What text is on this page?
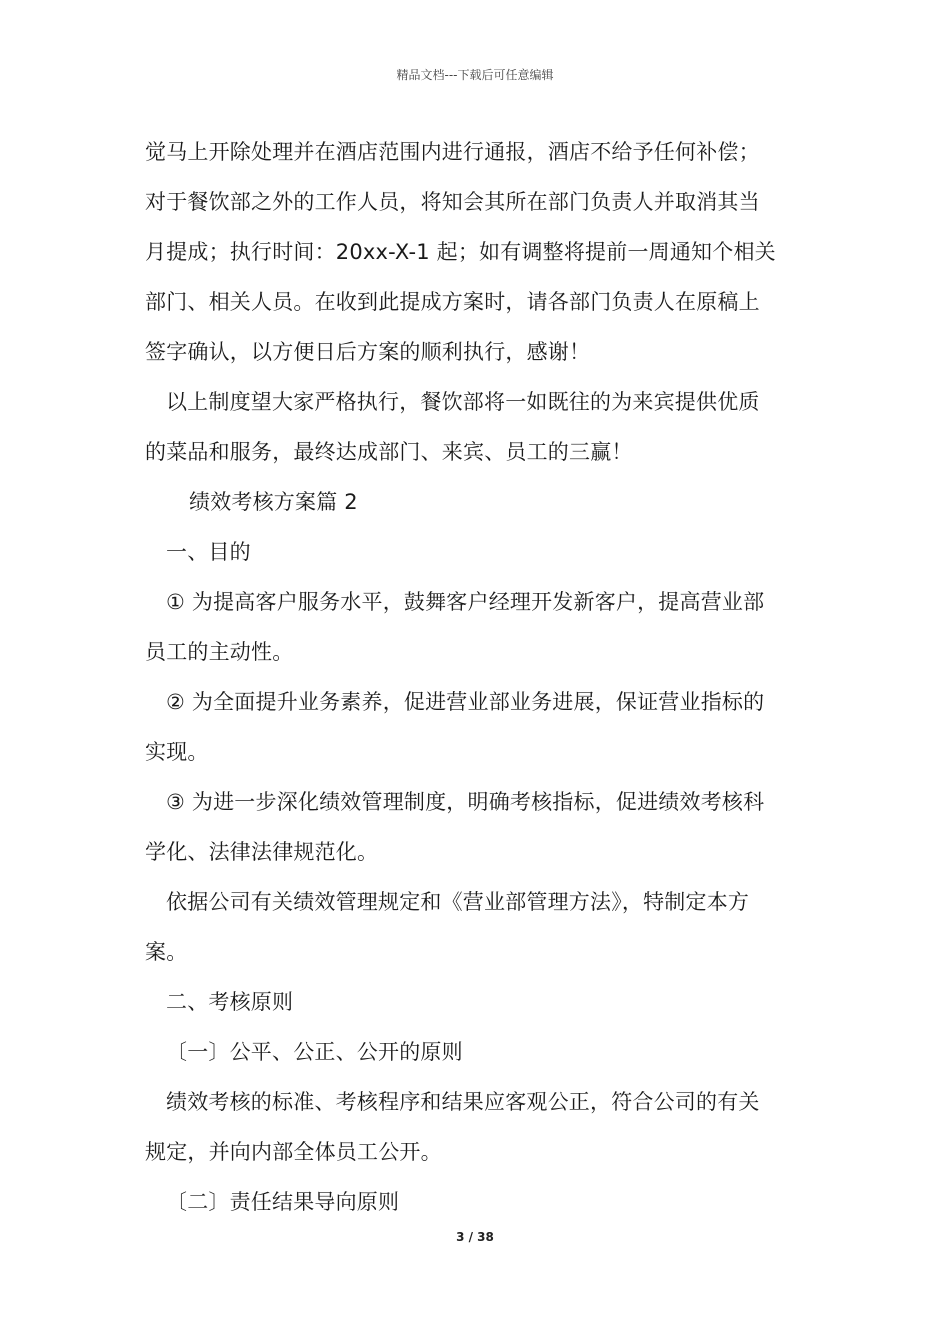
精品文档---下载后可任意编辑
觉马上开除处理并在酒店范围内进行通报，酒店不给予任何补偿；
对于餐饮部之外的工作人员，将知会其所在部门负责人并取消其当
月提成；执行时间：20xx-X-1 起；如有调整将提前一周通知个相关
部门、相关人员。在收到此提成方案时，请各部门负责人在原稿上
签字确认，以方便日后方案的顺利执行，感谢！
以上制度望大家严格执行，餐饮部将一如既往的为来宾提供优质
的菜品和服务，最终达成部门、来宾、员工的三赢！
绩效考核方案篇 2
一、目的
① 为提高客户服务水平，鼓舞客户经理开发新客户，提高营业部
员工的主动性。
② 为全面提升业务素养，促进营业部业务进展，保证营业指标的
实现。
③ 为进一步深化绩效管理制度，明确考核指标，促进绩效考核科
学化、法律法律规范化。
依据公司有关绩效管理规定和《营业部管理方法》，特制定本方
案。
二、考核原则
〔一〕公平、公正、公开的原则
绩效考核的标准、考核程序和结果应客观公正，符合公司的有关
规定，并向内部全体员工公开。
〔二〕责任结果导向原则
3 / 38
